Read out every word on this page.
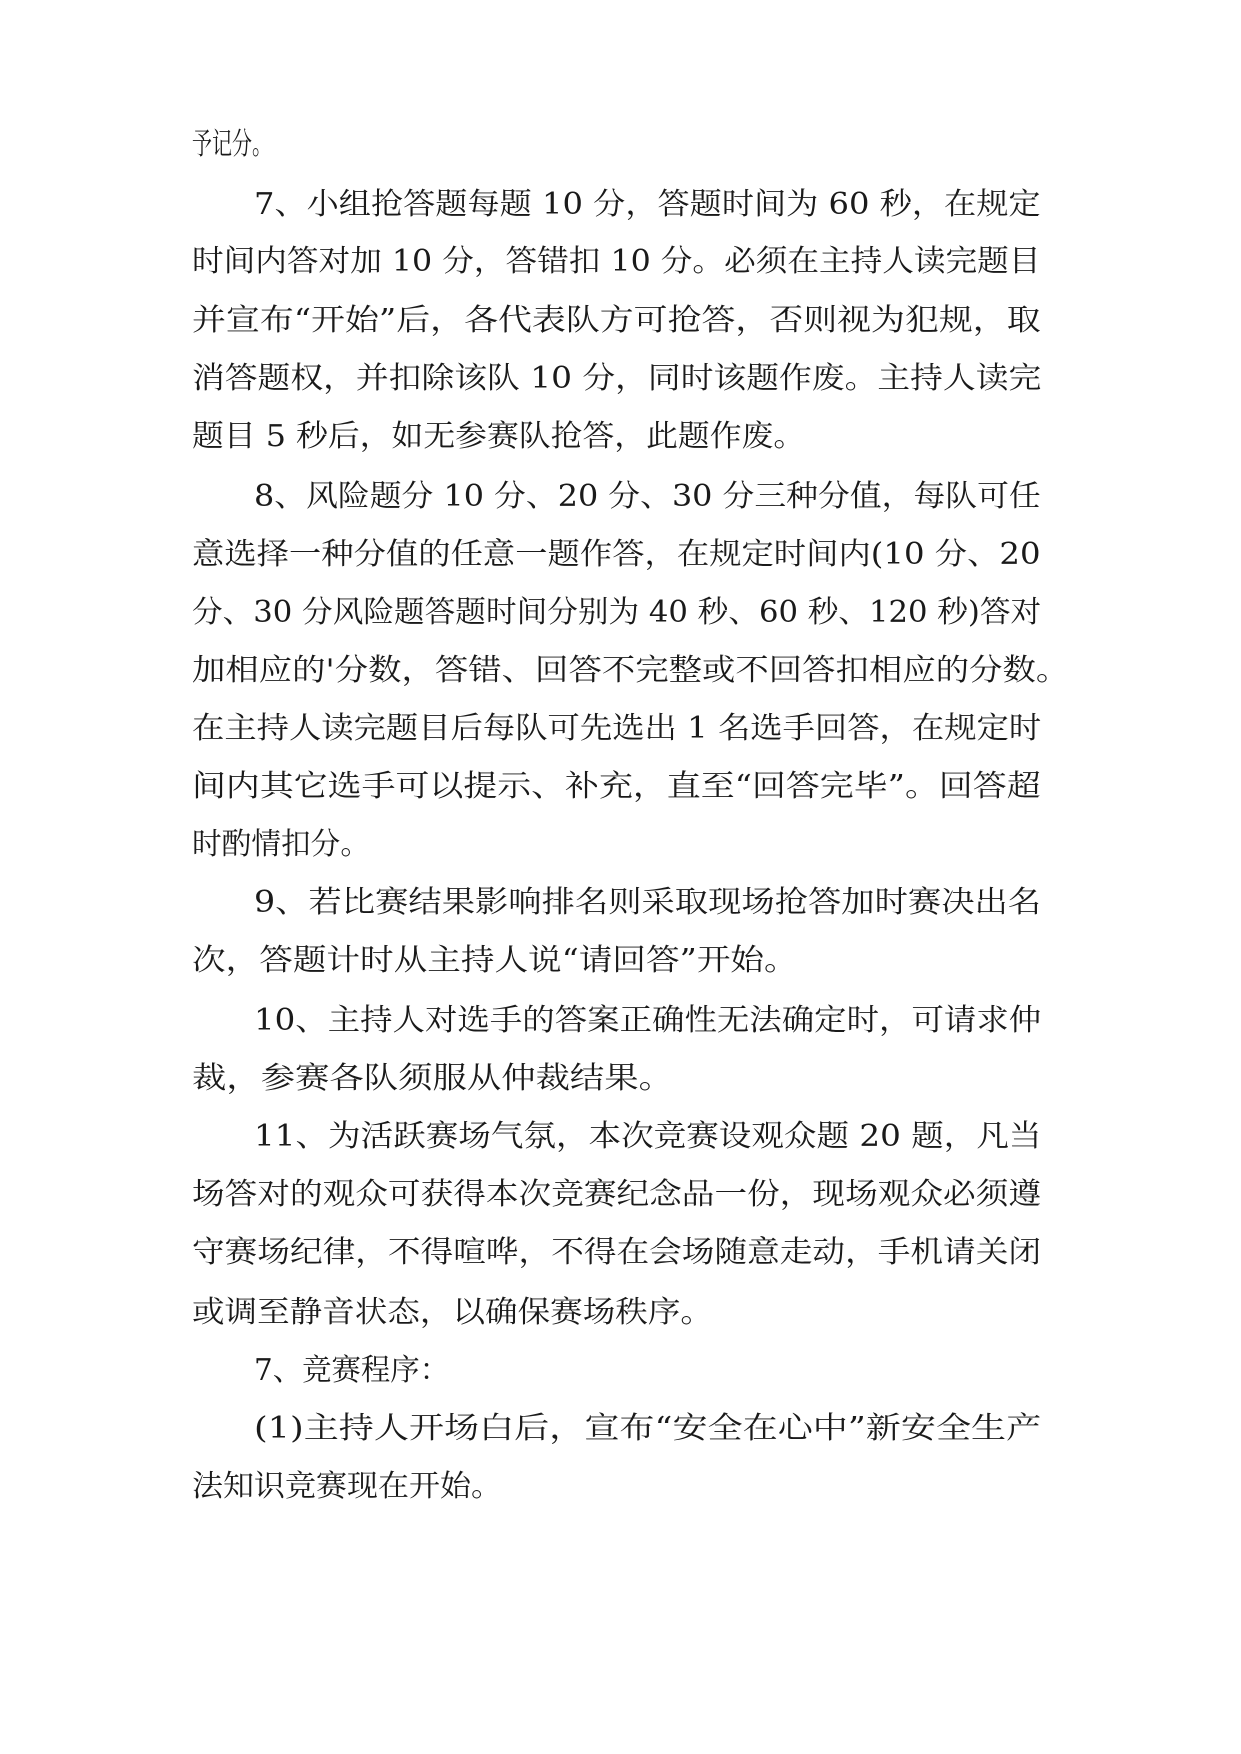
予记分。
7、小组抢答题每题 10 分，答题时间为 60 秒，在规定
时间内答对加 10 分，答错扣 10 分。必须在主持人读完题目
并宣布“开始”后，各代表队方可抢答，否则视为犯规，取
消答题权，并扣除该队 10 分，同时该题作废。主持人读完
题目 5 秒后，如无参赛队抢答，此题作废。
8、风险题分 10 分、20 分、30 分三种分值，每队可任
意选择一种分值的任意一题作答，在规定时间内(10 分、20
分、30 分风险题答题时间分别为 40 秒、60 秒、120 秒)答对
加相应的'分数，答错、回答不完整或不回答扣相应的分数。
在主持人读完题目后每队可先选出 1 名选手回答，在规定时
间内其它选手可以提示、补充，直至“回答完毕”。回答超
时酌情扣分。
9、若比赛结果影响排名则采取现场抢答加时赛决出名
次，答题计时从主持人说“请回答”开始。
10、主持人对选手的答案正确性无法确定时，可请求仲
裁，参赛各队须服从仲裁结果。
11、为活跃赛场气氛，本次竞赛设观众题 20 题，凡当
场答对的观众可获得本次竞赛纪念品一份，现场观众必须遵
守赛场纪律，不得喧哗，不得在会场随意走动，手机请关闭
或调至静音状态，以确保赛场秩序。
7、竞赛程序：
(1)主持人开场白后，宣布“安全在心中”新安全生产
法知识竞赛现在开始。
